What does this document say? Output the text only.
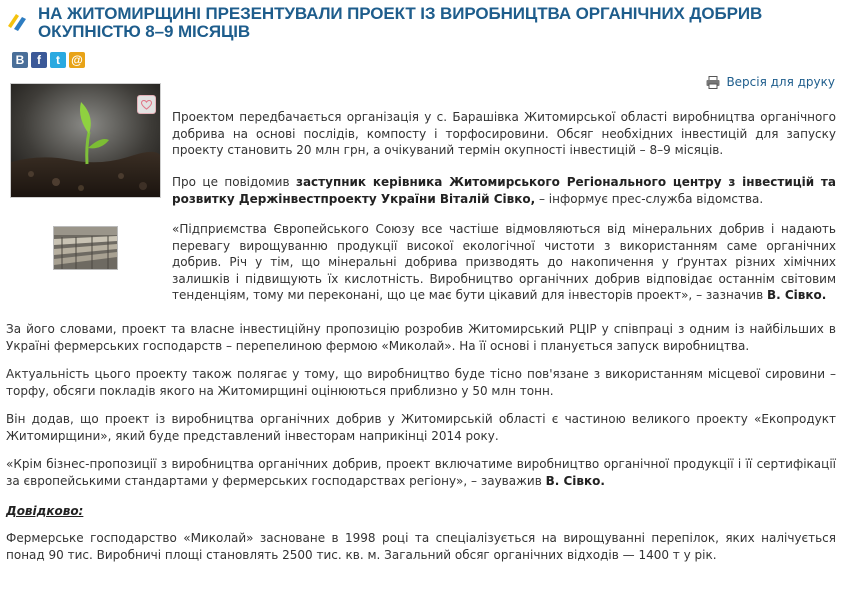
НА ЖИТОМИРЩИНІ ПРЕЗЕНТУВАЛИ ПРОЕКТ ІЗ ВИРОБНИЦТВА ОРГАНІЧНИХ ДОБРИВ ОКУПНІСТЮ 8–9 МІСЯЦІВ
B	f	t @
Версія для друку

Проектом передбачається організація у с. Барашівка Житомирської області виробництва органічного добрива на основі послідів, компосту і торфосировини. Обсяг необхідних інвестицій для запуску проекту становить 20 млн грн, а очікуваний термін окупності інвестицій – 8–9 місяців.

Про це повідомив заступник керівника Житомирського Регіонального центру з інвестицій та розвитку Держінвестпроекту України Віталій Сівко, – інформує прес-служба відомства.

«Підприємства Європейського Союзу все частіше відмовляються від мінеральних добрив і надають перевагу вирощуванню продукції високої екологічної чистоти з використанням саме органічних добрив. Річ у тім, що мінеральні добрива призводять до накопичення у ґрунтах різних хімічних залишків і підвищують їх кислотність. Виробництво органічних добрив відповідає останнім світовим тенденціям, тому ми переконані, що це має бути цікавий для інвесторів проект», – зазначив В. Сівко.

За його словами, проект та власне інвестиційну пропозицію розробив Житомирський РЦІР у співпраці з одним із найбільших в Україні фермерських господарств – перепелиною фермою «Миколай». На її основі і планується запуск виробництва.

Актуальність цього проекту також полягає у тому, що виробництво буде тісно пов'язане з використанням місцевої сировини – торфу, обсяги покладів якого на Житомирщині оцінюються приблизно у 50 млн тонн.

Він додав, що проект із виробництва органічних добрив у Житомирській області є частиною великого проекту «Екопродукт Житомирщини», який буде представлений інвесторам наприкінці 2014 року.

«Крім бізнес-пропозиції з виробництва органічних добрив, проект включатиме виробництво органічної продукції і її сертифікації за європейськими стандартами у фермерських господарствах регіону», – зауважив В. Сівко.

Довідково:

Фермерське господарство «Миколай» засноване в 1998 році та спеціалізується на вирощуванні перепілок, яких налічується понад 90 тис. Виробничі площі становлять 2500 тис. кв. м. Загальний обсяг органічних відходів — 1400 т у рік.
